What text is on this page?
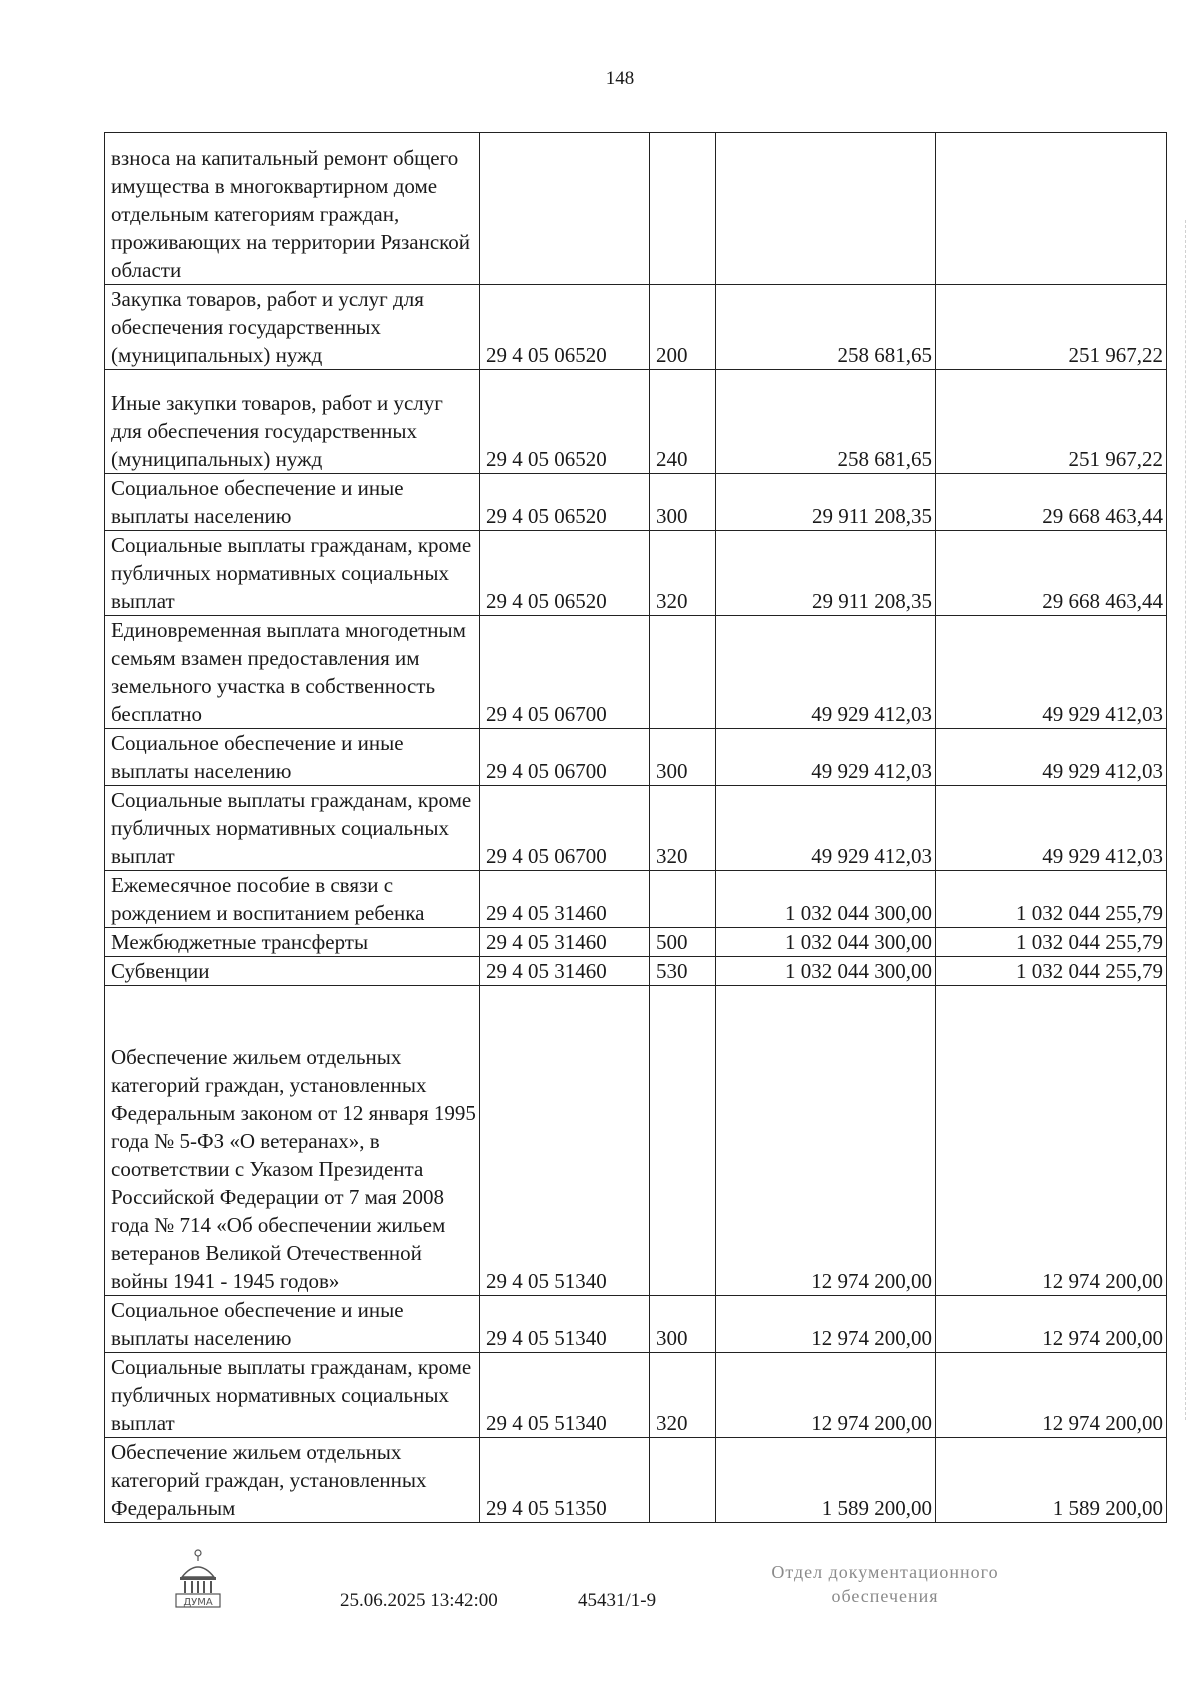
148
взноса на капитальный ремонт общего имущества в многоквартирном доме отдельным категориям граждан, проживающих на территории Рязанской области				
Закупка товаров, работ и услуг для обеспечения государственных (муниципальных) нужд	29 4 05 06520	200	258 681,65	251 967,22
Иные закупки товаров, работ и услуг для обеспечения государственных (муниципальных) нужд	29 4 05 06520	240	258 681,65	251 967,22
Социальное обеспечение и иные выплаты населению	29 4 05 06520	300	29 911 208,35	29 668 463,44
Социальные выплаты гражданам, кроме публичных нормативных социальных выплат	29 4 05 06520	320	29 911 208,35	29 668 463,44
Единовременная выплата многодетным семьям взамен предоставления им земельного участка в собственность бесплатно	29 4 05 06700		49 929 412,03	49 929 412,03
Социальное обеспечение и иные выплаты населению	29 4 05 06700	300	49 929 412,03	49 929 412,03
Социальные выплаты гражданам, кроме публичных нормативных социальных выплат	29 4 05 06700	320	49 929 412,03	49 929 412,03
Ежемесячное пособие в связи с рождением и воспитанием ребенка	29 4 05 31460		1 032 044 300,00	1 032 044 255,79
Межбюджетные трансферты	29 4 05 31460	500	1 032 044 300,00	1 032 044 255,79
Субвенции	29 4 05 31460	530	1 032 044 300,00	1 032 044 255,79
Обеспечение жильем отдельных категорий граждан, установленных Федеральным законом от 12 января 1995 года № 5-ФЗ «О ветеранах», в соответствии с Указом Президента Российской Федерации от 7 мая 2008 года № 714 «Об обеспечении жильем ветеранов Великой Отечественной войны 1941 - 1945 годов»	29 4 05 51340		12 974 200,00	12 974 200,00
Социальное обеспечение и иные выплаты населению	29 4 05 51340	300	12 974 200,00	12 974 200,00
Социальные выплаты гражданам, кроме публичных нормативных социальных выплат	29 4 05 51340	320	12 974 200,00	12 974 200,00
Обеспечение жильем отдельных категорий граждан, установленных Федеральным	29 4 05 51350		1 589 200,00	1 589 200,00
ДУМА	25.06.2025 13:42:00	45431/1-9
Отдел документационного
обеспечения
